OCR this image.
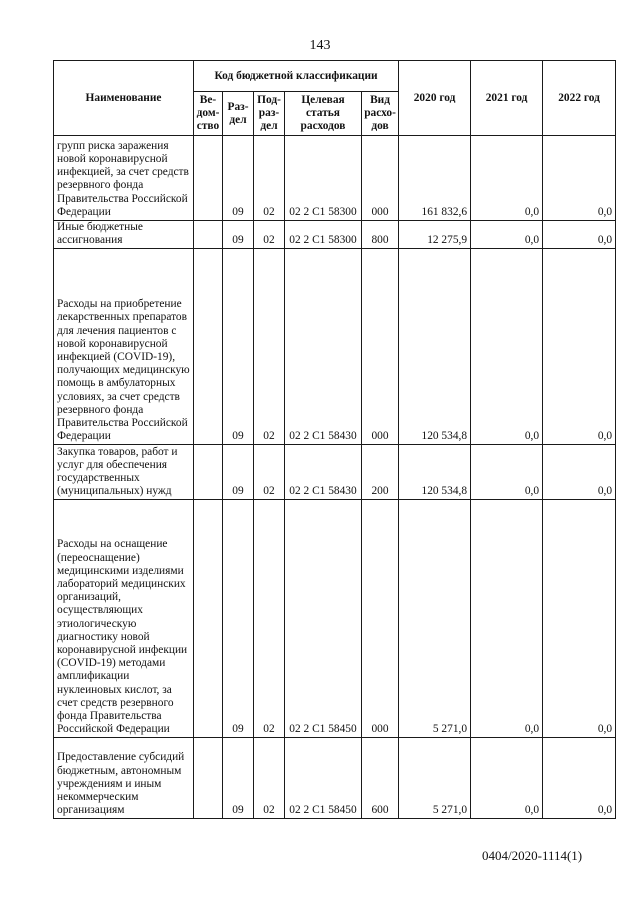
143
Наименование	Код бюджетной классификации					2020 год	2021 год	2022 год
	Ве-дом-ство	Раз-дел	Под-раз-дел	Целевая статья расходов	Вид расхо-дов			
групп риска заражения новой коронавирусной инфекцией, за счет средств резервного фонда Правительства Российской Федерации		09	02	02 2 С1 58300	000	161 832,6	0,0	0,0
Иные бюджетные ассигнования		09	02	02 2 С1 58300	800	12 275,9	0,0	0,0
Расходы на приобретение лекарственных препаратов для лечения пациентов с новой коронавирусной инфекцией (COVID-19), получающих медицинскую помощь в амбулаторных условиях, за счет средств резервного фонда Правительства Российской Федерации		09	02	02 2 С1 58430	000	120 534,8	0,0	0,0
Закупка товаров, работ и услуг для обеспечения государственных (муниципальных) нужд		09	02	02 2 С1 58430	200	120 534,8	0,0	0,0
Расходы на оснащение (переоснащение) медицинскими изделиями лабораторий медицинских организаций, осуществляющих этиологическую диагностику новой коронавирусной инфекции (COVID-19) методами амплификации нуклеиновых кислот, за счет средств резервного фонда Правительства Российской Федерации		09	02	02 2 С1 58450	000	5 271,0	0,0	0,0
Предоставление субсидий бюджетным, автономным учреждениям и иным некоммерческим организациям		09	02	02 2 С1 58450	600	5 271,0	0,0	0,0
0404/2020-1114(1)
